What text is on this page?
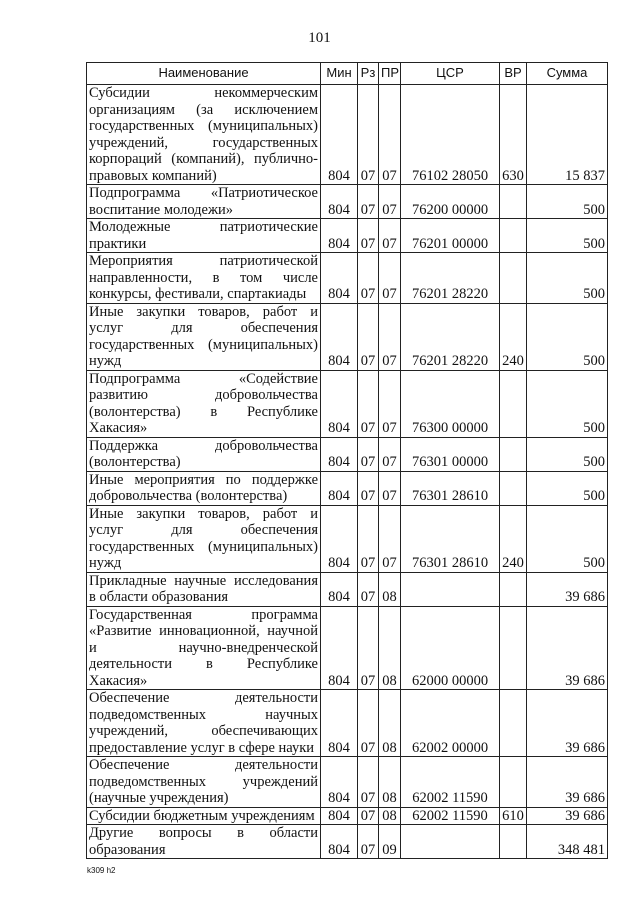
101
Наименование	Мин	Рз	ПР	ЦСР	ВР	Сумма
Субсидии некоммерческим организациям (за исключением государственных (муниципальных) учреждений, государственных корпораций (компаний), публично-правовых компаний)	804	07	07	76102 28050	630	15 837
Подпрограмма «Патриотическое воспитание молодежи»	804	07	07	76200 00000		500
Молодежные патриотические практики	804	07	07	76201 00000		500
Мероприятия патриотической направленности, в том числе конкурсы, фестивали, спартакиады	804	07	07	76201 28220		500
Иные закупки товаров, работ и услуг для обеспечения государственных (муниципальных) нужд	804	07	07	76201 28220	240	500
Подпрограмма «Содействие развитию добровольчества (волонтерства) в Республике Хакасия»	804	07	07	76300 00000		500
Поддержка добровольчества (волонтерства)	804	07	07	76301 00000		500
Иные мероприятия по поддержке добровольчества (волонтерства)	804	07	07	76301 28610		500
Иные закупки товаров, работ и услуг для обеспечения государственных (муниципальных) нужд	804	07	07	76301 28610	240	500
Прикладные научные исследования в области образования	804	07	08			39 686
Государственная программа «Развитие инновационной, научной и научно-внедренческой деятельности в Республике Хакасия»	804	07	08	62000 00000		39 686
Обеспечение деятельности подведомственных научных учреждений, обеспечивающих предоставление услуг в сфере науки	804	07	08	62002 00000		39 686
Обеспечение деятельности подведомственных учреждений (научные учреждения)	804	07	08	62002 11590		39 686
Субсидии бюджетным учреждениям	804	07	08	62002 11590	610	39 686
Другие вопросы в области образования	804	07	09			348 481
k309 h2
